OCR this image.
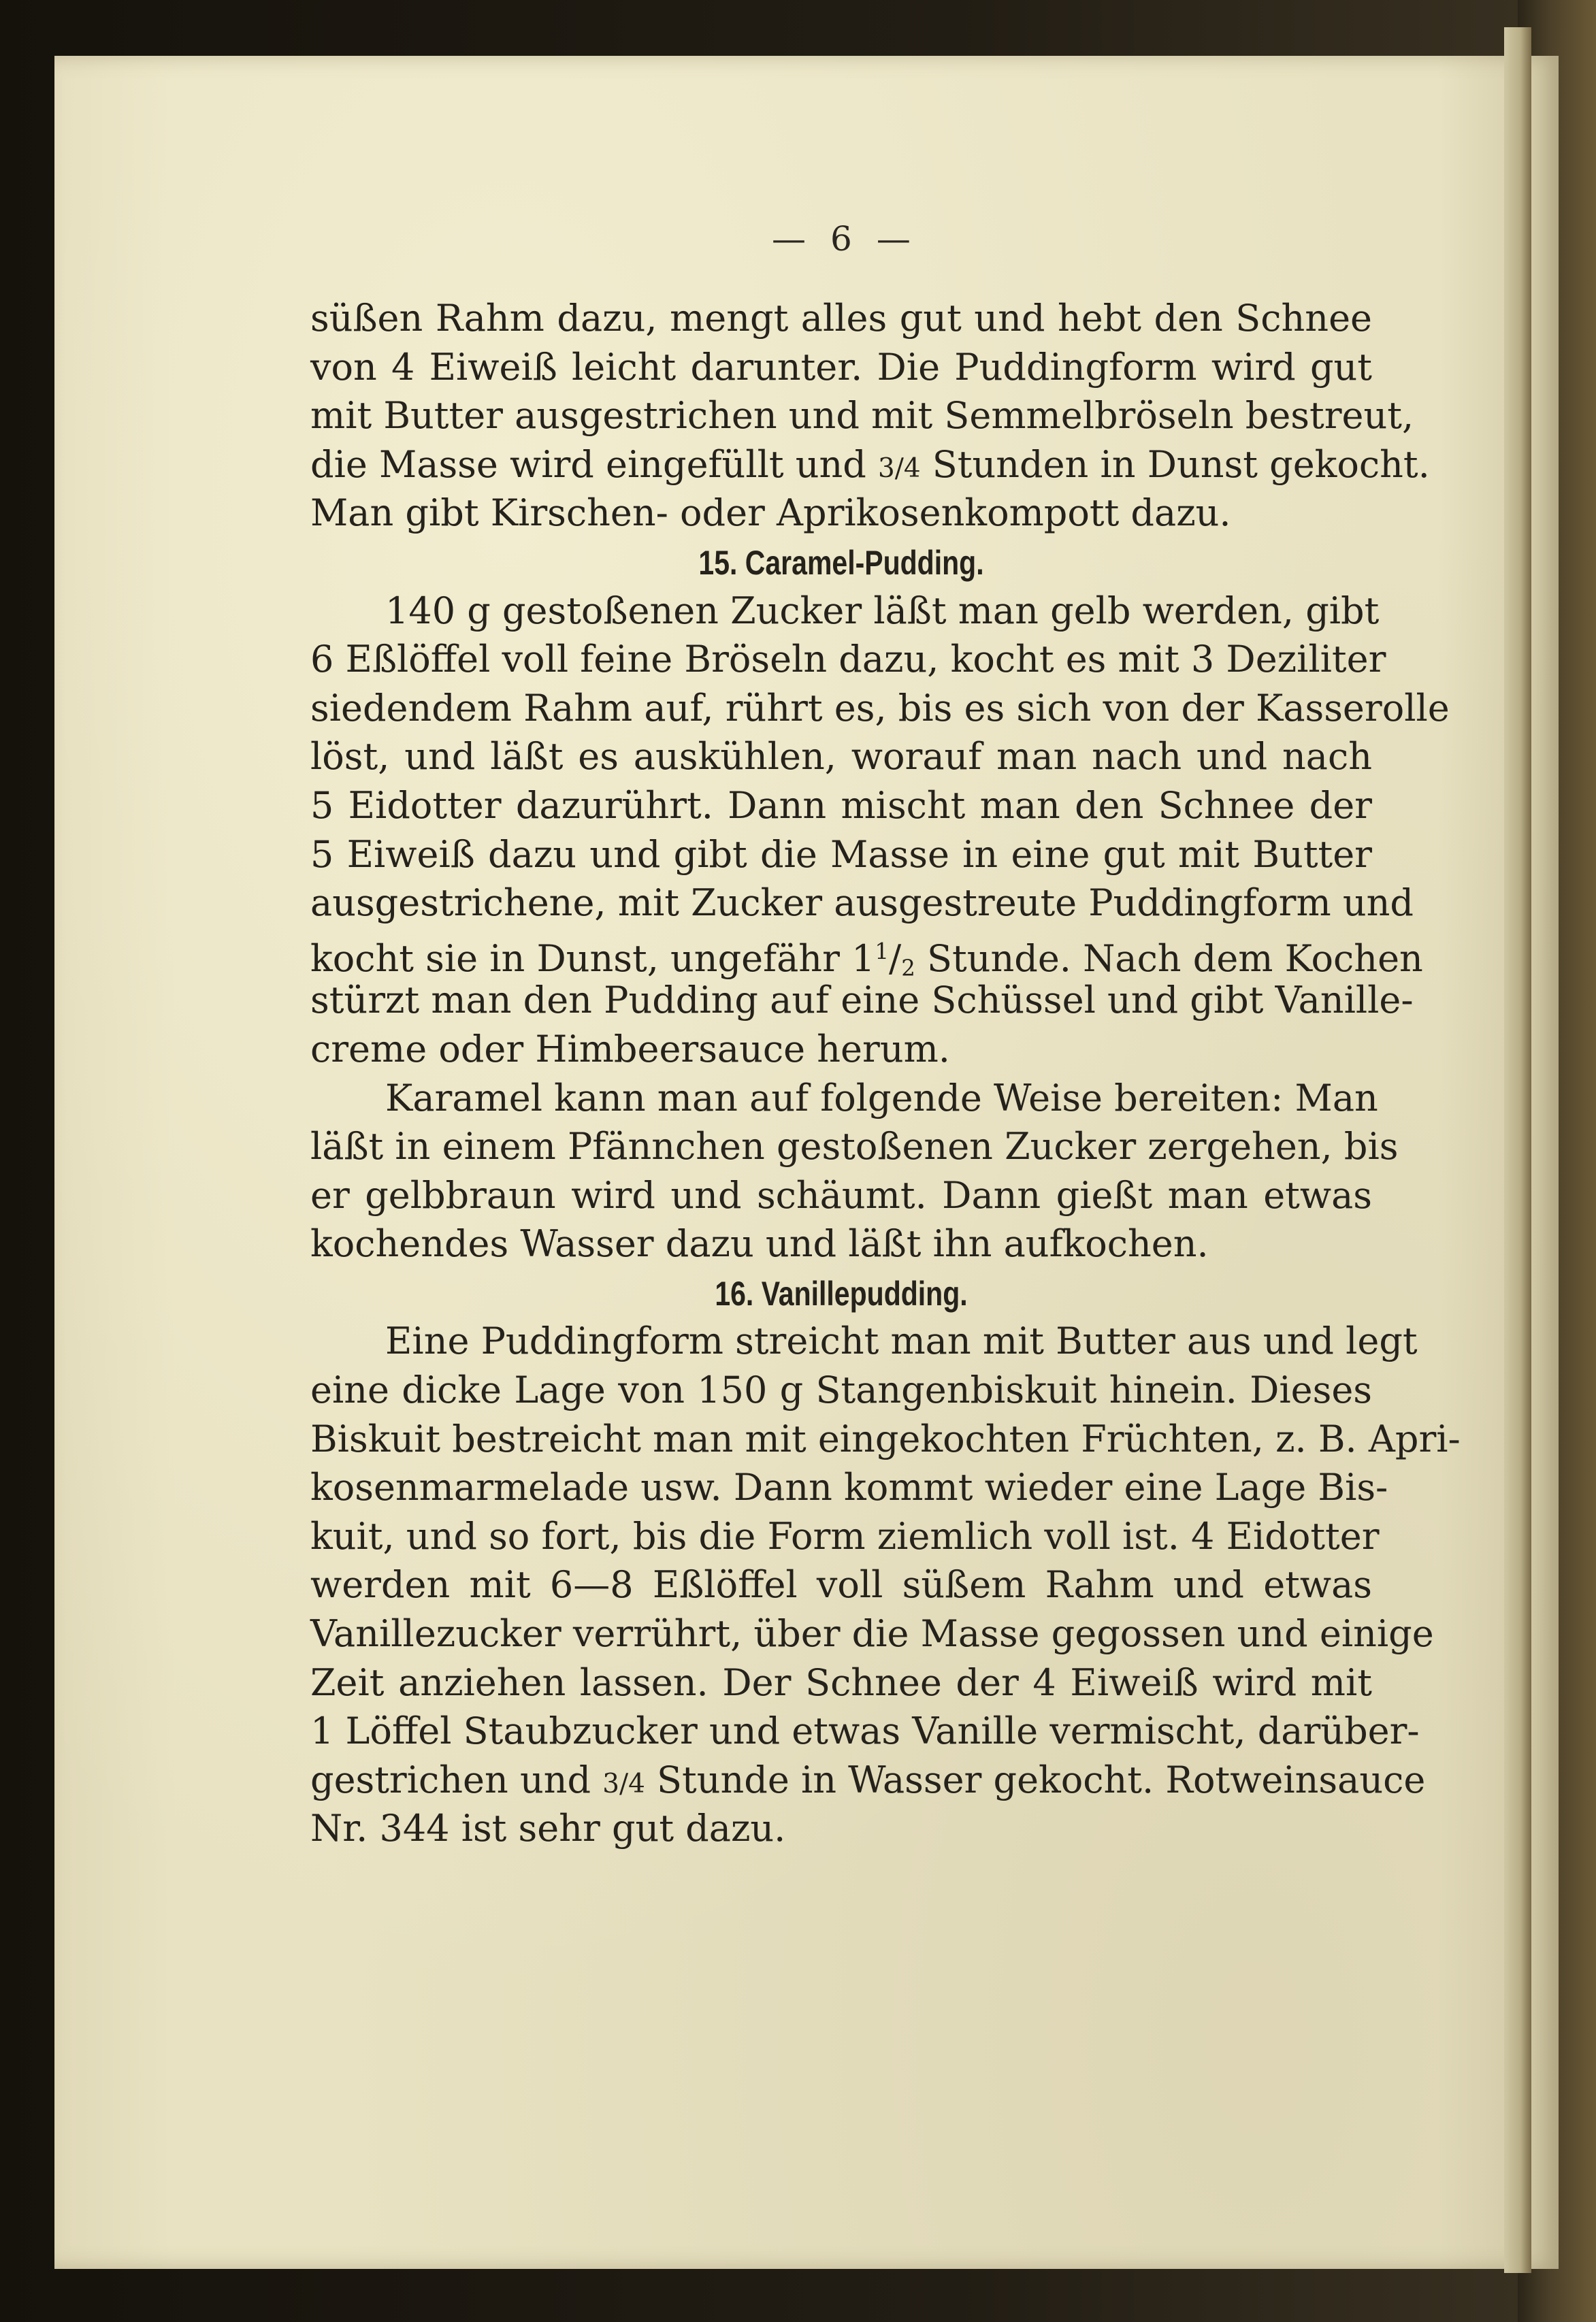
— 6 —
süßen Rahm dazu, mengt alles gut und hebt den Schnee
von 4 Eiweiß leicht darunter. Die Puddingform wird gut
mit Butter ausgestrichen und mit Semmelbröseln bestreut,
die Masse wird eingefüllt und 3/4 Stunden in Dunst gekocht.
Man gibt Kirschen- oder Aprikosenkompott dazu.
15. Caramel-Pudding.
140 g gestoßenen Zucker läßt man gelb werden, gibt
6 Eßlöffel voll feine Bröseln dazu, kocht es mit 3 Deziliter
siedendem Rahm auf, rührt es, bis es sich von der Kasserolle
löst, und läßt es auskühlen, worauf man nach und nach
5 Eidotter dazurührt. Dann mischt man den Schnee der
5 Eiweiß dazu und gibt die Masse in eine gut mit Butter
ausgestrichene, mit Zucker ausgestreute Puddingform und
kocht sie in Dunst, ungefähr $1^1/_2$ Stunde. Nach dem Kochen
stürzt man den Pudding auf eine Schüssel und gibt Vanille-
creme oder Himbeersauce herum.
Karamel kann man auf folgende Weise bereiten: Man
läßt in einem Pfännchen gestoßenen Zucker zergehen, bis
er gelbbraun wird und schäumt. Dann gießt man etwas
kochendes Wasser dazu und läßt ihn aufkochen.
16. Vanillepudding.
Eine Puddingform streicht man mit Butter aus und legt
eine dicke Lage von 150 g Stangenbiskuit hinein. Dieses
Biskuit bestreicht man mit eingekochten Früchten, z. B. Apri-
kosenmarmelade usw. Dann kommt wieder eine Lage Bis-
kuit, und so fort, bis die Form ziemlich voll ist. 4 Eidotter
werden mit 6—8 Eßlöffel voll süßem Rahm und etwas
Vanillezucker verrührt, über die Masse gegossen und einige
Zeit anziehen lassen. Der Schnee der 4 Eiweiß wird mit
1 Löffel Staubzucker und etwas Vanille vermischt, darüber-
gestrichen und 3/4 Stunde in Wasser gekocht. Rotweinsauce
Nr. 344 ist sehr gut dazu.
